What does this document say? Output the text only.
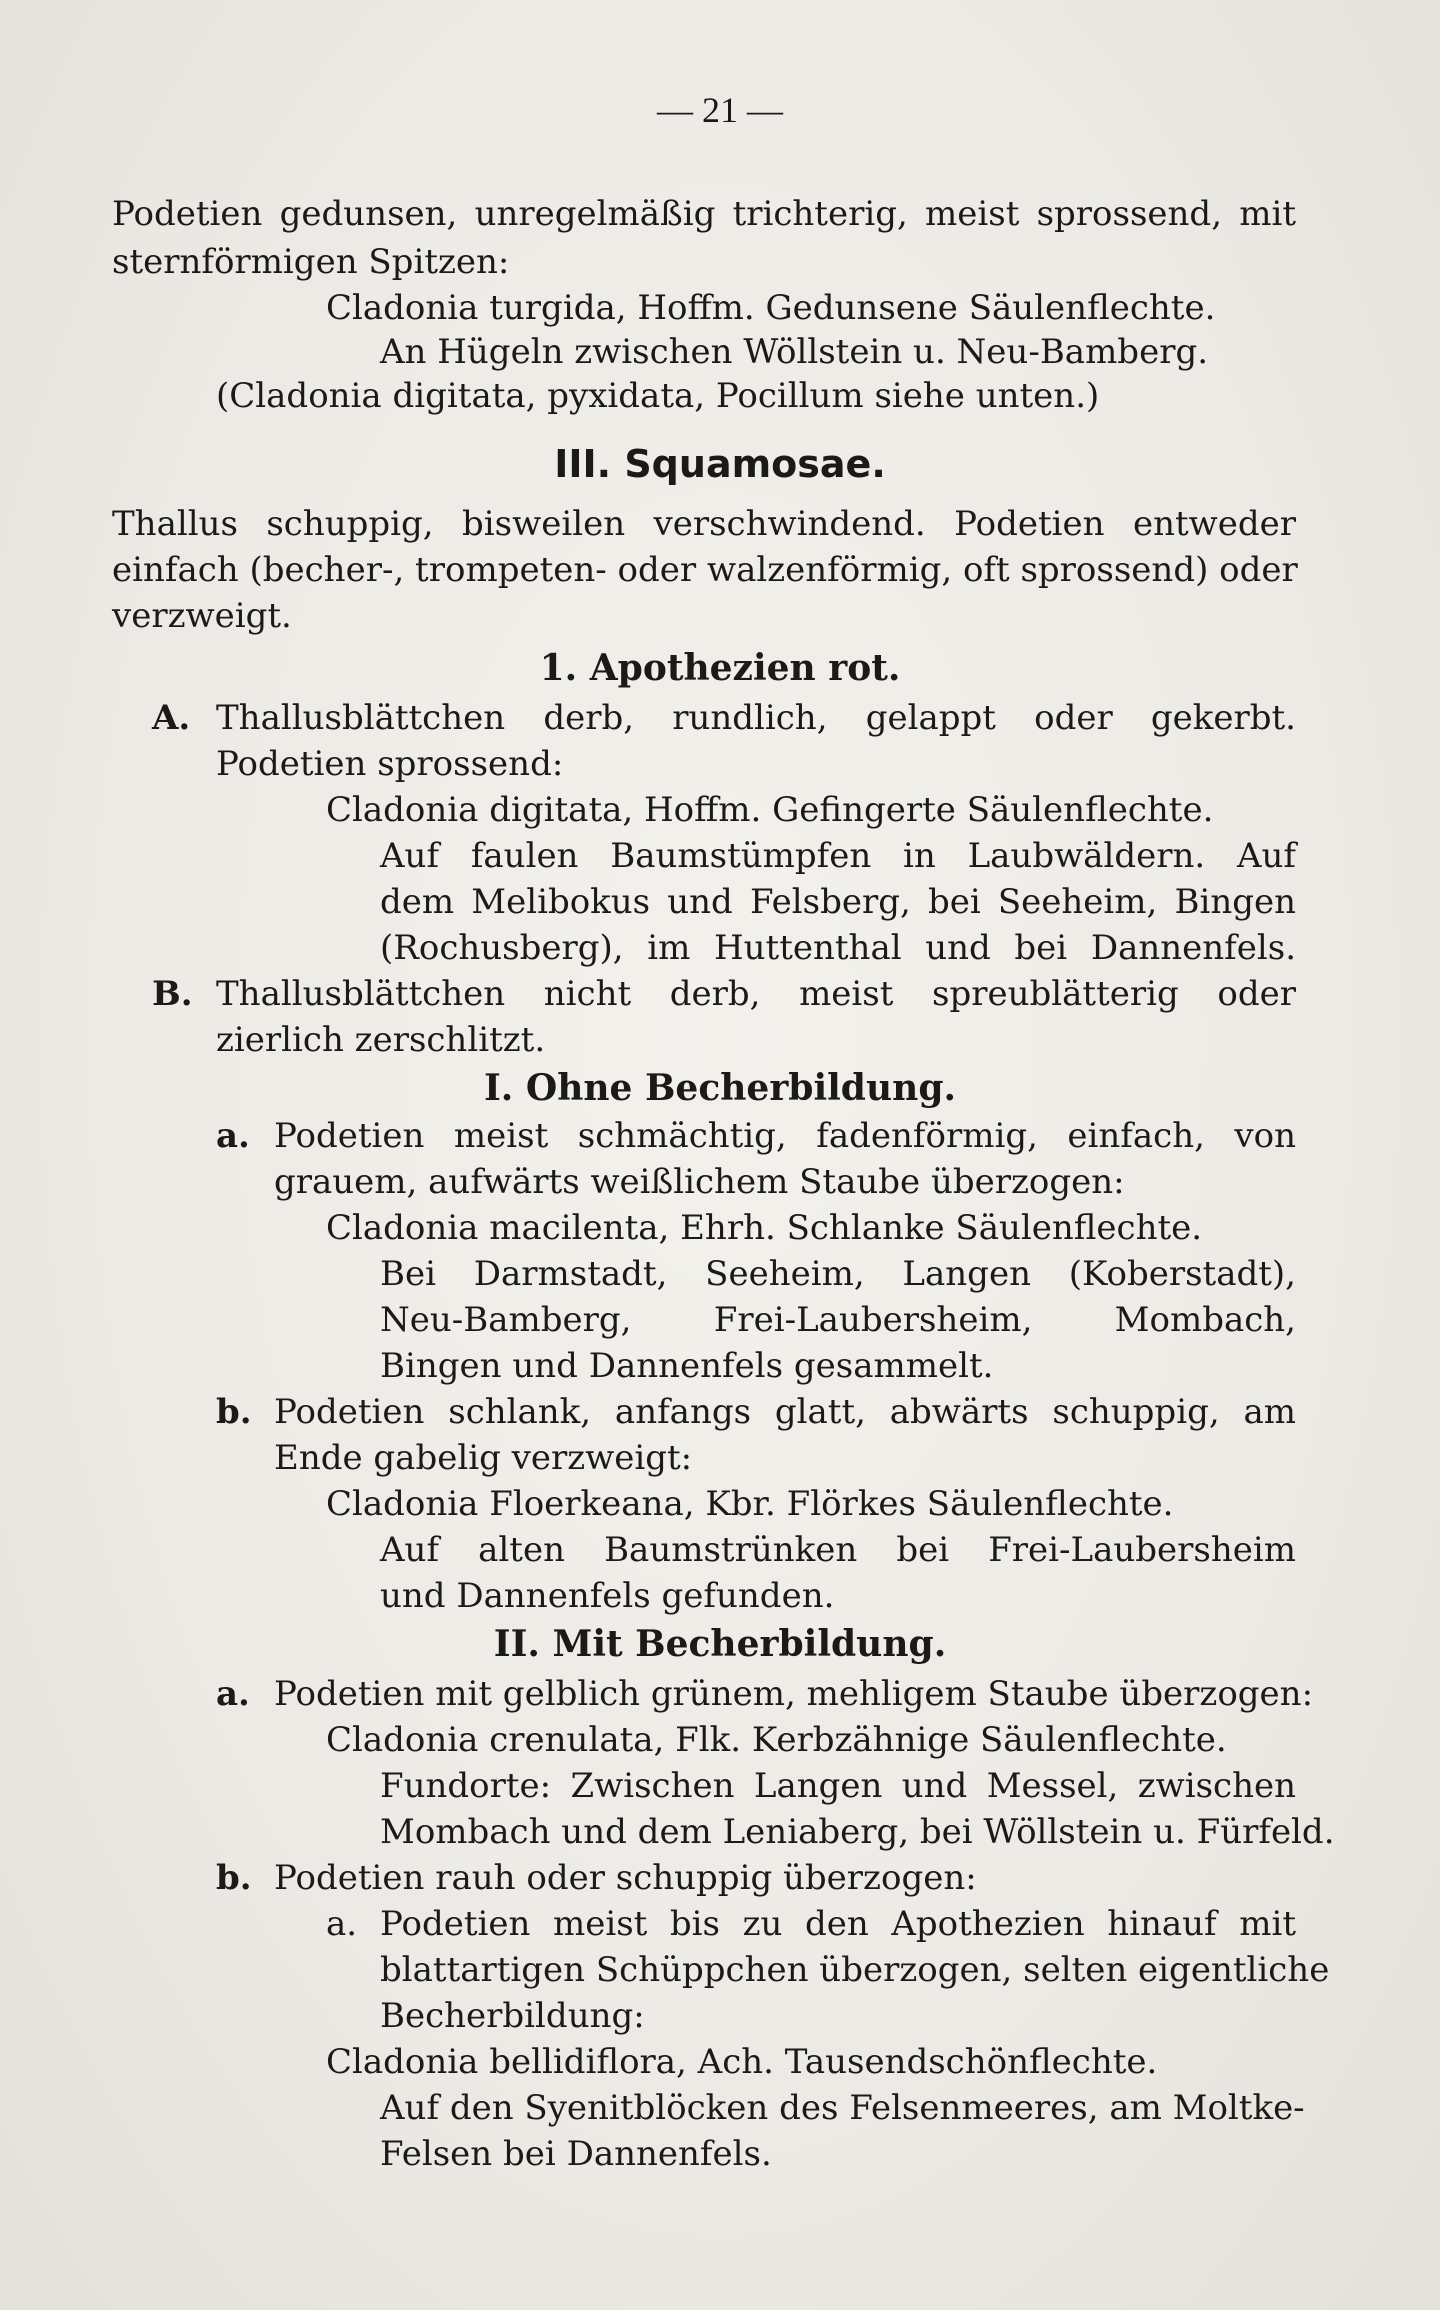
— 21 —
Podetien gedunsen, unregelmäßig trichterig, meist sprossend, mit
sternförmigen Spitzen:
Cladonia turgida, Hoffm. Gedunsene Säulenflechte.
An Hügeln zwischen Wöllstein u. Neu-Bamberg.
(Cladonia digitata, pyxidata, Pocillum siehe unten.)
III. Squamosae.
Thallus schuppig, bisweilen verschwindend. Podetien entweder
einfach (becher-, trompeten- oder walzenförmig, oft sprossend) oder
verzweigt.
1. Apothezien rot.
A. Thallusblättchen derb, rundlich, gelappt oder gekerbt.
Podetien sprossend:
Cladonia digitata, Hoffm. Gefingerte Säulenflechte.
Auf faulen Baumstümpfen in Laubwäldern. Auf
dem Melibokus und Felsberg, bei Seeheim, Bingen
(Rochusberg), im Huttenthal und bei Dannenfels.
B. Thallusblättchen nicht derb, meist spreublätterig oder
zierlich zerschlitzt.
I. Ohne Becherbildung.
a. Podetien meist schmächtig, fadenförmig, einfach, von
grauem, aufwärts weißlichem Staube überzogen:
Cladonia macilenta, Ehrh. Schlanke Säulenflechte.
Bei Darmstadt, Seeheim, Langen (Koberstadt),
Neu-Bamberg, Frei-Laubersheim, Mombach,
Bingen und Dannenfels gesammelt.
b. Podetien schlank, anfangs glatt, abwärts schuppig, am
Ende gabelig verzweigt:
Cladonia Floerkeana, Kbr. Flörkes Säulenflechte.
Auf alten Baumstrünken bei Frei-Laubersheim
und Dannenfels gefunden.
II. Mit Becherbildung.
a. Podetien mit gelblich grünem, mehligem Staube überzogen:
Cladonia crenulata, Flk. Kerbzähnige Säulenflechte.
Fundorte: Zwischen Langen und Messel, zwischen
Mombach und dem Leniaberg, bei Wöllstein u. Fürfeld.
b. Podetien rauh oder schuppig überzogen:
a. Podetien meist bis zu den Apothezien hinauf mit
blattartigen Schüppchen überzogen, selten eigentliche
Becherbildung:
Cladonia bellidiflora, Ach. Tausendschönflechte.
Auf den Syenitblöcken des Felsenmeeres, am Moltke-
Felsen bei Dannenfels.
